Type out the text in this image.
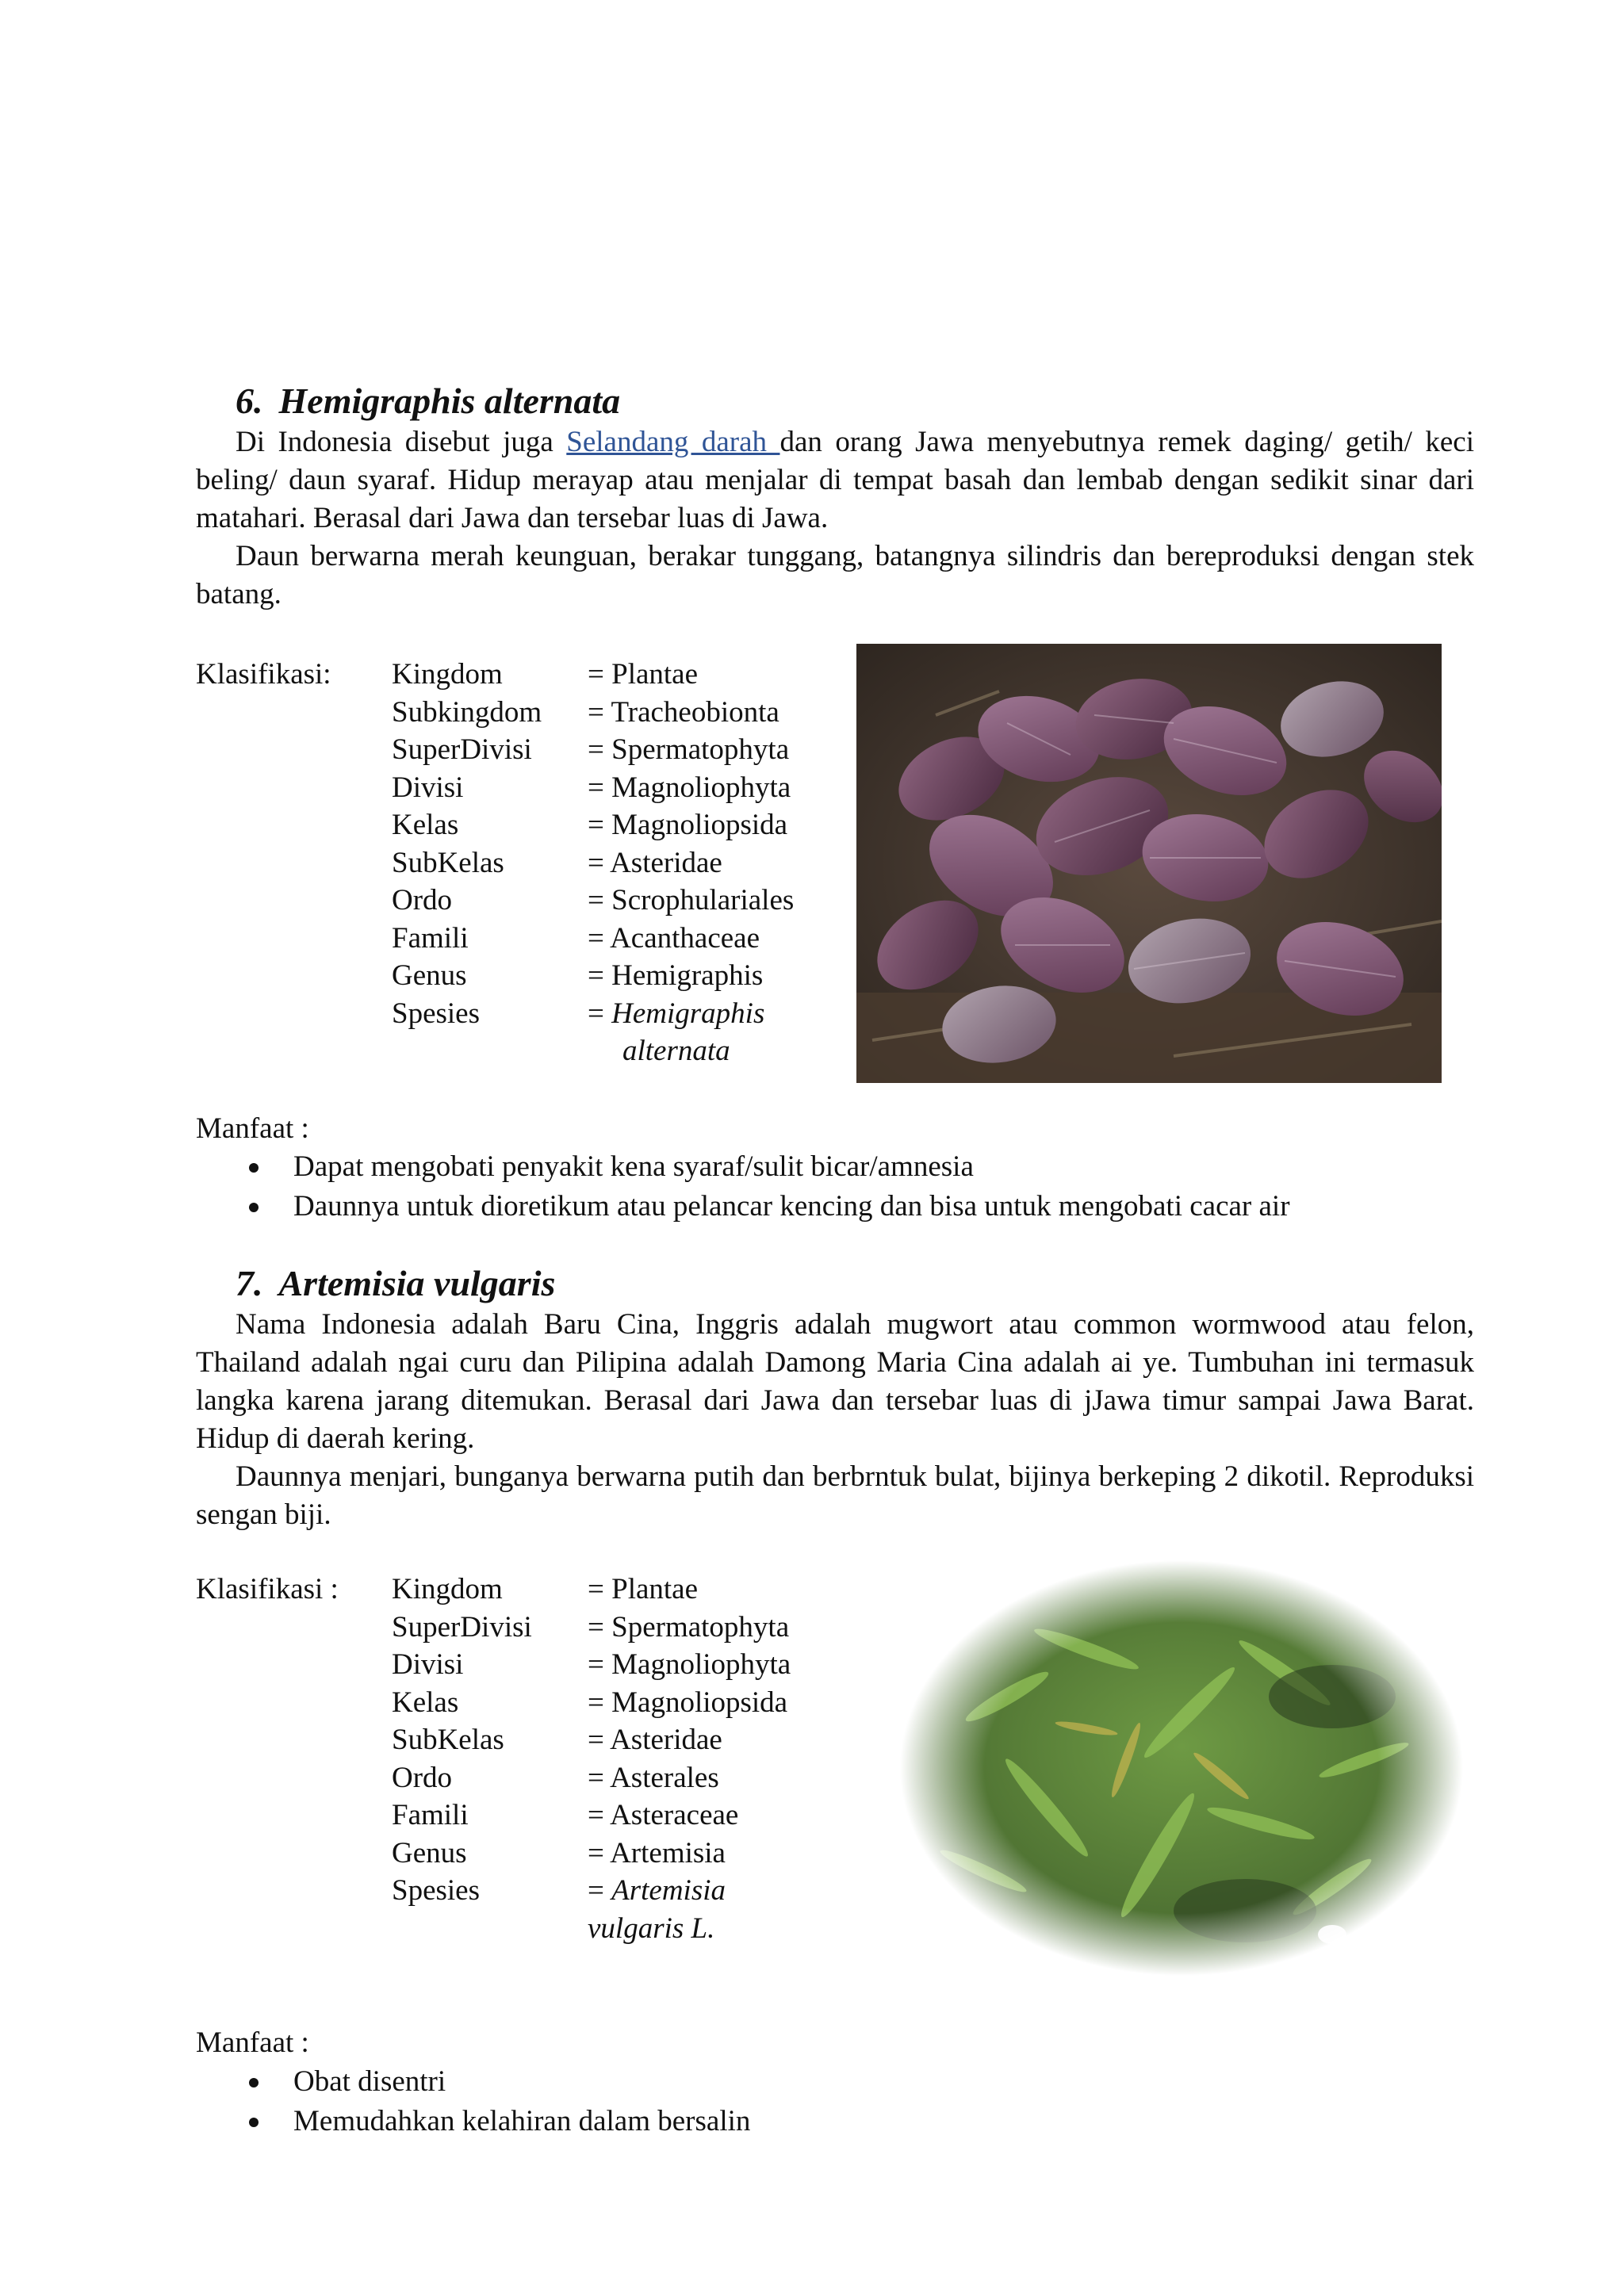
6. Hemigraphis alternata

Di Indonesia disebut juga Selandang darah dan orang Jawa menyebutnya remek daging/ getih/ keci beling/ daun syaraf. Hidup merayap atau menjalar di tempat basah dan lembab dengan sedikit sinar dari matahari. Berasal dari Jawa dan tersebar luas di Jawa.

Daun berwarna merah keunguan, berakar tunggang, batangnya silindris dan bereproduksi dengan stek batang.

Klasifikasi: Kingdom	= Plantae
Subkingdom	= Tracheobionta
SuperDivisi	= Spermatophyta
Divisi	= Magnoliophyta
Kelas	= Magnoliopsida
SubKelas	= Asteridae
Ordo	= Scrophulariales
Famili	= Acanthaceae
Genus	= Hemigraphis
Spesies	= Hemigraphis
alternata
Manfaat :
Dapat mengobati penyakit kena syaraf/sulit bicar/amnesia
Daunnya untuk dioretikum atau pelancar kencing dan bisa untuk mengobati cacar air
7. Artemisia vulgaris

Nama Indonesia adalah Baru Cina, Inggris adalah mugwort atau common wormwood atau felon, Thailand adalah ngai curu dan Pilipina adalah Damong Maria Cina adalah ai ye. Tumbuhan ini termasuk langka karena jarang ditemukan. Berasal dari Jawa dan tersebar luas di jJawa timur sampai Jawa Barat. Hidup di daerah kering.

Daunnya menjari, bunganya berwarna putih dan berbrntuk bulat, bijinya berkeping 2 dikotil. Reproduksi sengan biji.

Klasifikasi : Kingdom	= Plantae
SuperDivisi	= Spermatophyta
Divisi	= Magnoliophyta
Kelas	= Magnoliopsida
SubKelas	= Asteridae
Ordo	= Asterales
Famili	= Asteraceae
Genus	= Artemisia
Spesies	= Artemisia
vulgaris L.
Manfaat :
Obat disentri
Memudahkan kelahiran dalam bersalin
